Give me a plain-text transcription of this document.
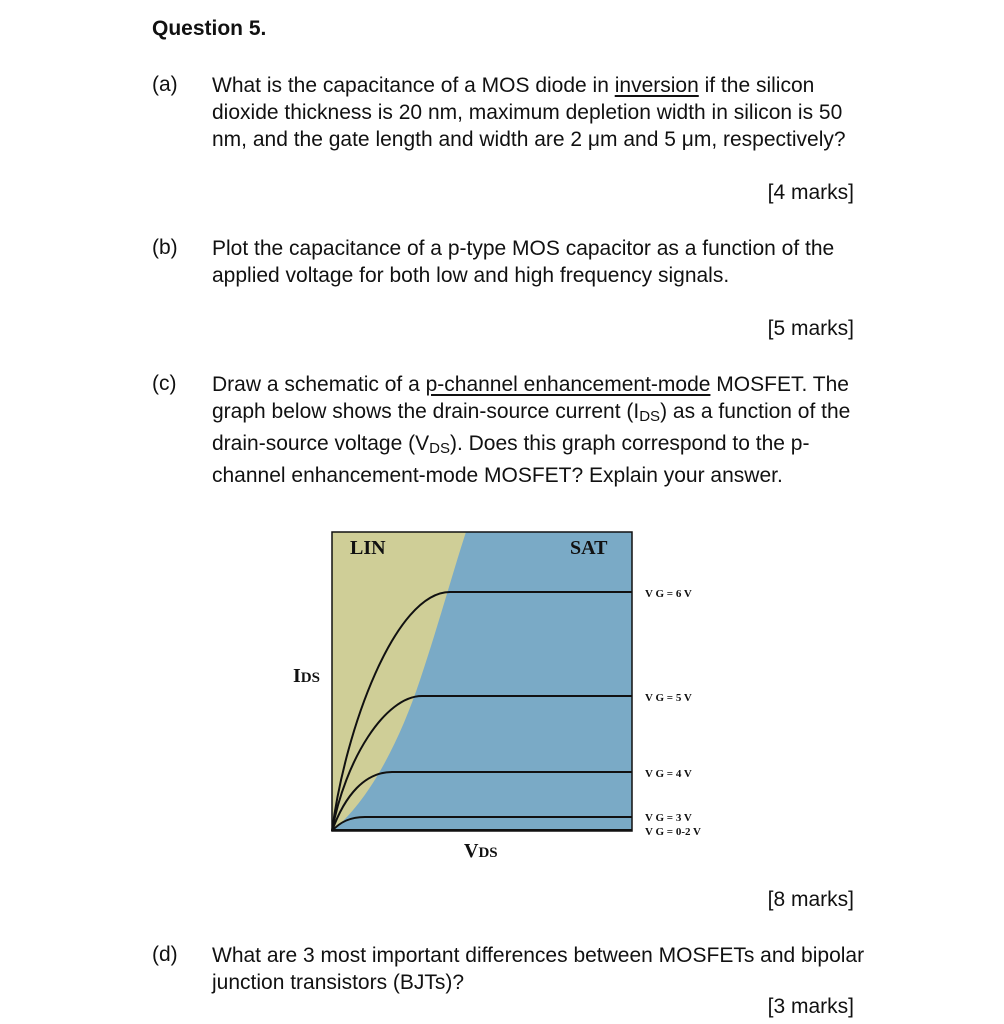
Question 5.
(a) What is the capacitance of a MOS diode in inversion if the silicon dioxide thickness is 20 nm, maximum depletion width in silicon is 50 nm, and the gate length and width are 2 μm and 5 μm, respectively?
[4 marks]
(b) Plot the capacitance of a p-type MOS capacitor as a function of the applied voltage for both low and high frequency signals.
[5 marks]
(c) Draw a schematic of a p-channel enhancement-mode MOSFET. The graph below shows the drain-source current $(I_{DS})$ as a function of the drain-source voltage $(V_{DS})$. Does this graph correspond to the p-channel enhancement-mode MOSFET? Explain your answer.
LIN	SAT
IDS
VDS
V G = 6 V
V G = 5 V
V G = 4 V
V G = 3 V
V G = 0-2 V
[8 marks]
(d) What are 3 most important differences between MOSFETs and bipolar junction transistors (BJTs)?
[3 marks]
